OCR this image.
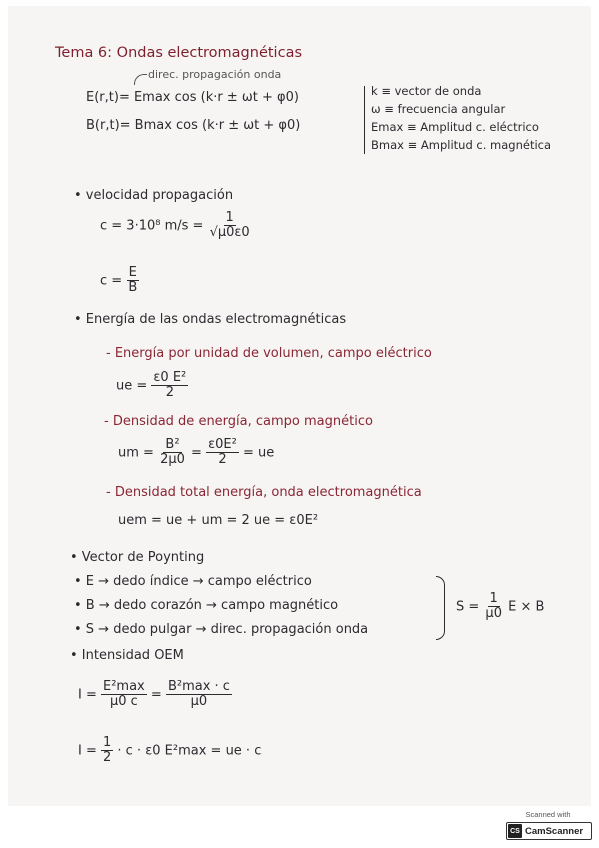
Tema 6: Ondas electromagnéticas
direc. propagación onda
E(r,t)= Emax cos (k·r ± ωt + φ0)
B(r,t)= Bmax cos (k·r ± ωt + φ0)
k ≡ vector de onda
ω ≡ frecuencia angular
Emax ≡ Amplitud c. eléctrico
Bmax ≡ Amplitud c. magnética
• velocidad propagación
c = 3·10⁸ $m/s = \frac{1}{√\mu 0\varepsilon 0}$
$c = \frac{E}{B}$
• Energía de las ondas electromagnéticas
- Energía por unidad de volumen, campo eléctrico
ue = $\frac{\text{ε0 E²}}{2}$
- Densidad de energía, campo magnético
um = $\frac{\text{B²}}{2\mu 0} = \frac{\text{ε0E²}}{2}$ = ue
- Densidad total energía, onda electromagnética
uem = ue + um = 2 ue = ε0E²
• Vector de Poynting
• E → dedo índice → campo eléctrico
• B → dedo corazón → campo magnético
• S → dedo pulgar → direc. propagación onda
$S = \frac{1}{\mu 0}$ E × B
• Intensidad OEM
$I = \frac{\text{E²max}}{\mu 0 c} = \frac{\text{B²max · c}}{\mu 0}$
$I = \frac{1}{2} \cdot c \cdot \varepsilon 0$ E²max = ue · c
Scanned with
CS CamScanner
